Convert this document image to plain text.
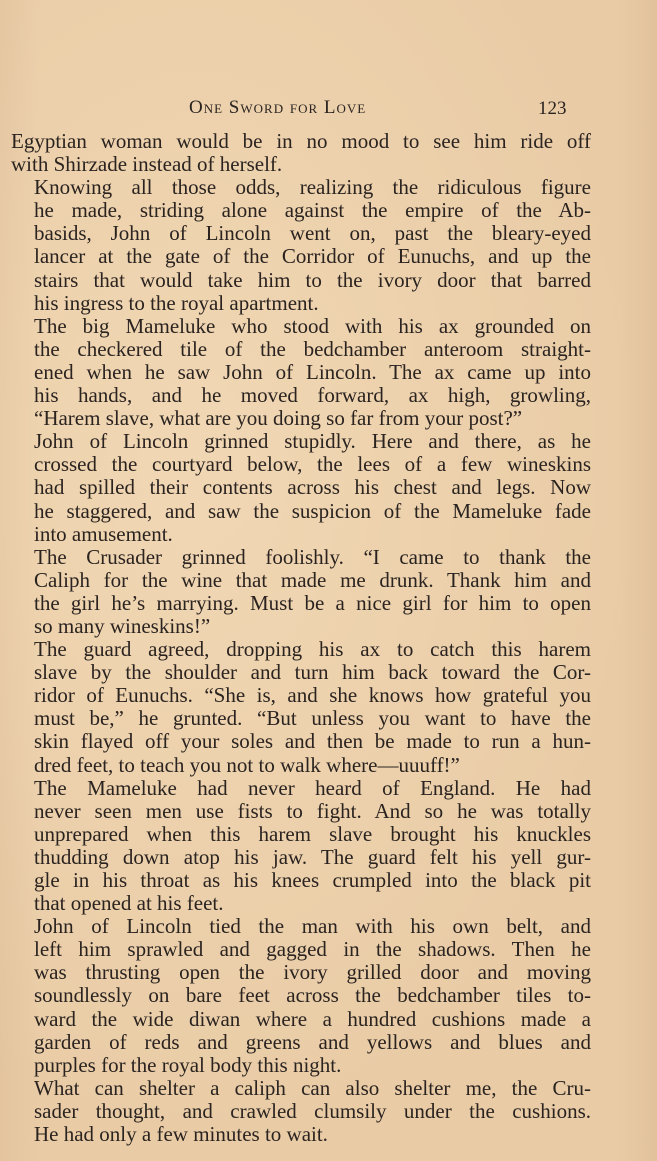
One Sword for Love	123

Egyptian woman would be in no mood to see him ride off
with Shirzade instead of herself.

Knowing all those odds, realizing the ridiculous figure
he made, striding alone against the empire of the Ab-
basids, John of Lincoln went on, past the bleary-eyed
lancer at the gate of the Corridor of Eunuchs, and up the
stairs that would take him to the ivory door that barred
his ingress to the royal apartment.

The big Mameluke who stood with his ax grounded on
the checkered tile of the bedchamber anteroom straight-
ened when he saw John of Lincoln. The ax came up into
his hands, and he moved forward, ax high, growling,
“Harem slave, what are you doing so far from your post?”

John of Lincoln grinned stupidly. Here and there, as he
crossed the courtyard below, the lees of a few wineskins
had spilled their contents across his chest and legs. Now
he staggered, and saw the suspicion of the Mameluke fade
into amusement.

The Crusader grinned foolishly. “I came to thank the
Caliph for the wine that made me drunk. Thank him and
the girl he’s marrying. Must be a nice girl for him to open
so many wineskins!”

The guard agreed, dropping his ax to catch this harem
slave by the shoulder and turn him back toward the Cor-
ridor of Eunuchs. “She is, and she knows how grateful you
must be,” he grunted. “But unless you want to have the
skin flayed off your soles and then be made to run a hun-
dred feet, to teach you not to walk where—uuuff!”

The Mameluke had never heard of England. He had
never seen men use fists to fight. And so he was totally
unprepared when this harem slave brought his knuckles
thudding down atop his jaw. The guard felt his yell gur-
gle in his throat as his knees crumpled into the black pit
that opened at his feet.

John of Lincoln tied the man with his own belt, and
left him sprawled and gagged in the shadows. Then he
was thrusting open the ivory grilled door and moving
soundlessly on bare feet across the bedchamber tiles to-
ward the wide diwan where a hundred cushions made a
garden of reds and greens and yellows and blues and
purples for the royal body this night.

What can shelter a caliph can also shelter me, the Cru-
sader thought, and crawled clumsily under the cushions.
He had only a few minutes to wait.
